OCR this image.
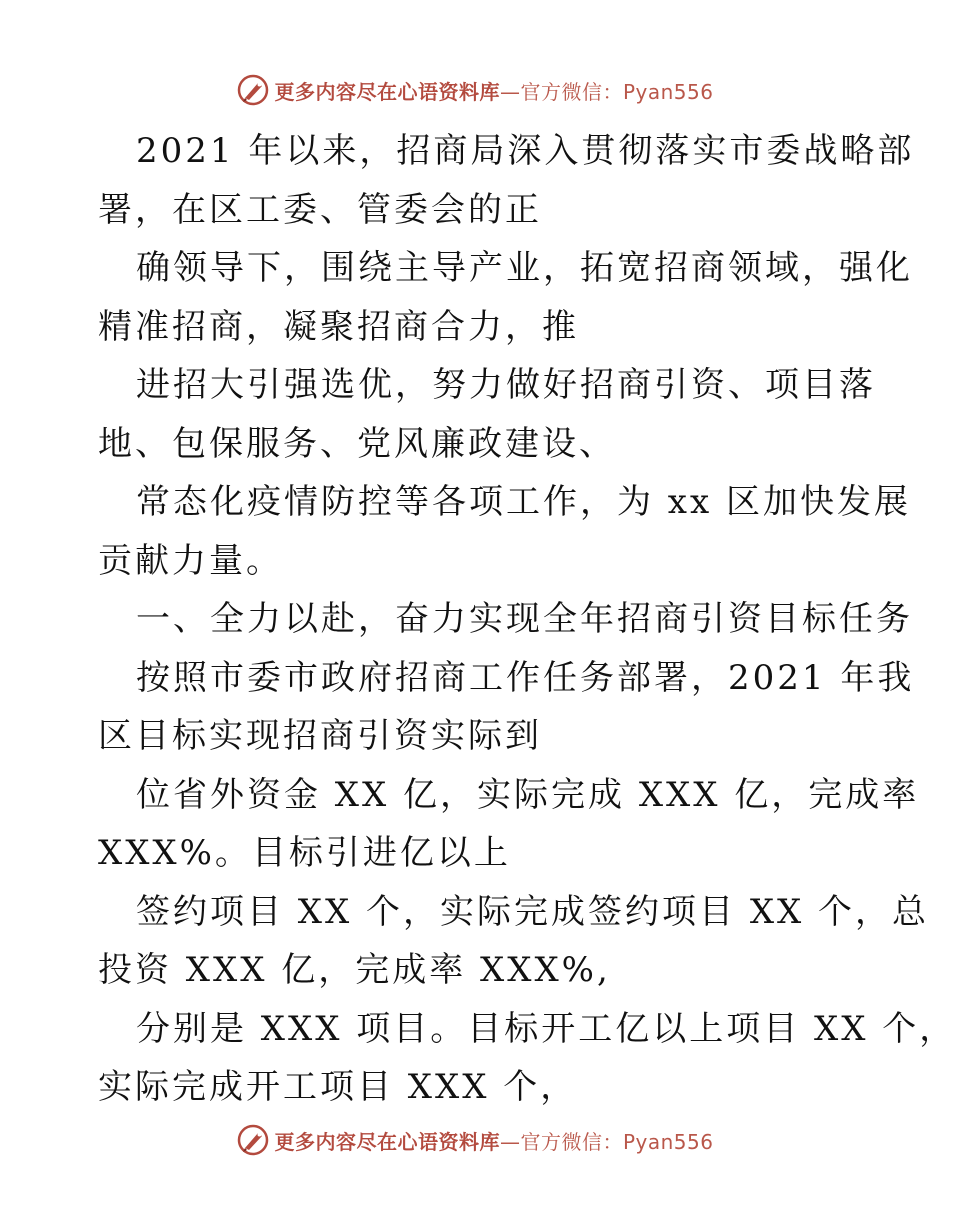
更多内容尽在心语资料库—官方微信：Pyan556
2021 年以来，招商局深入贯彻落实市委战略部
署，在区工委、管委会的正
确领导下，围绕主导产业，拓宽招商领域，强化
精准招商，凝聚招商合力，推
进招大引强选优，努力做好招商引资、项目落
地、包保服务、党风廉政建设、
常态化疫情防控等各项工作，为 xx 区加快发展
贡献力量。
一、全力以赴，奋力实现全年招商引资目标任务
按照市委市政府招商工作任务部署，2021 年我
区目标实现招商引资实际到
位省外资金 XX 亿，实际完成 XXX 亿，完成率
XXX%。目标引进亿以上
签约项目 XX 个，实际完成签约项目 XX 个，总
投资 XXX 亿，完成率 XXX%,
分别是 XXX 项目。目标开工亿以上项目 XX 个，
实际完成开工项目 XXX 个，
更多内容尽在心语资料库—官方微信：Pyan556
